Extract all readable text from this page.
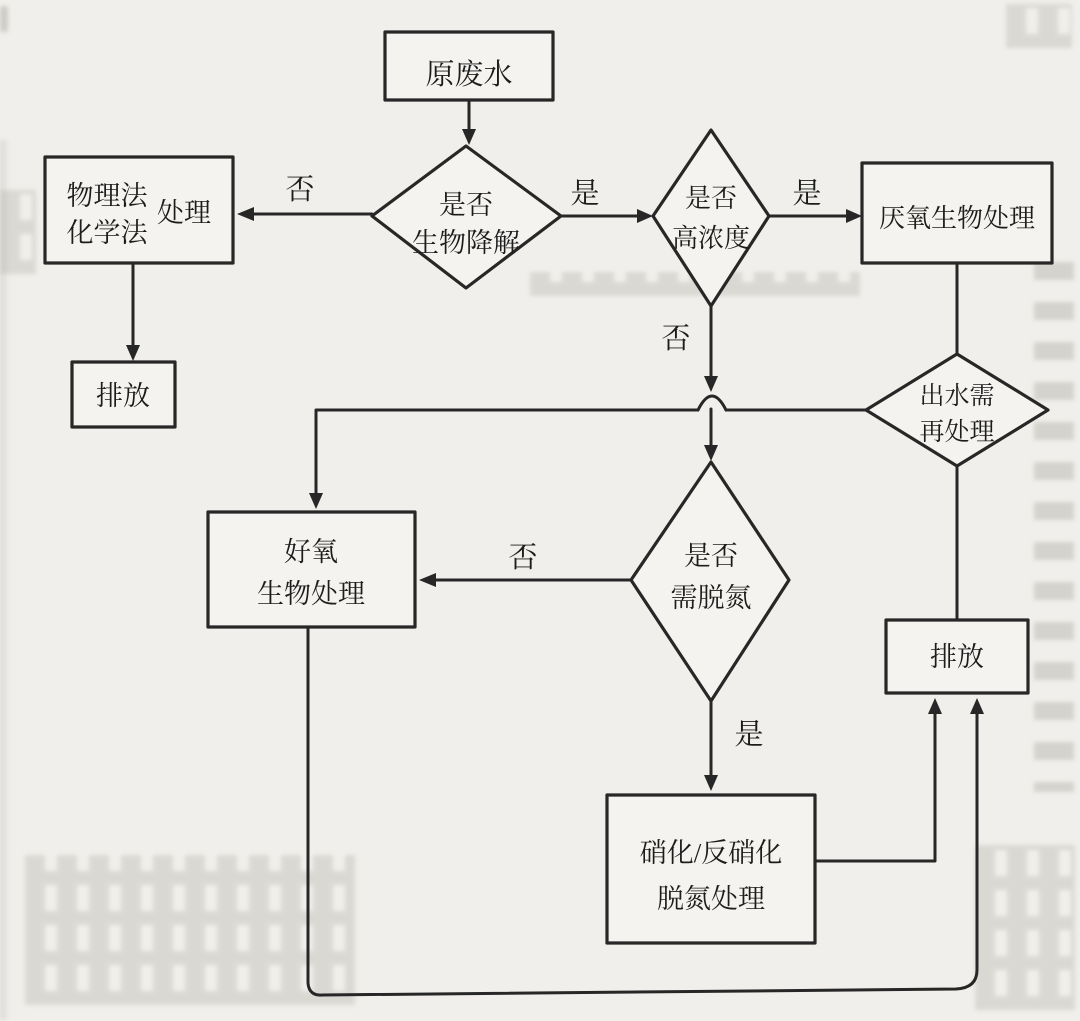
原废水
是否
生物降解
物理法
化学法
处理
排放
是否
高浓度
厌氧生物处理
出水需
再处理
好氧
生物处理
是否
需脱氮
硝化/反硝化
脱氮处理
排放
否	是	是
否
否
是
